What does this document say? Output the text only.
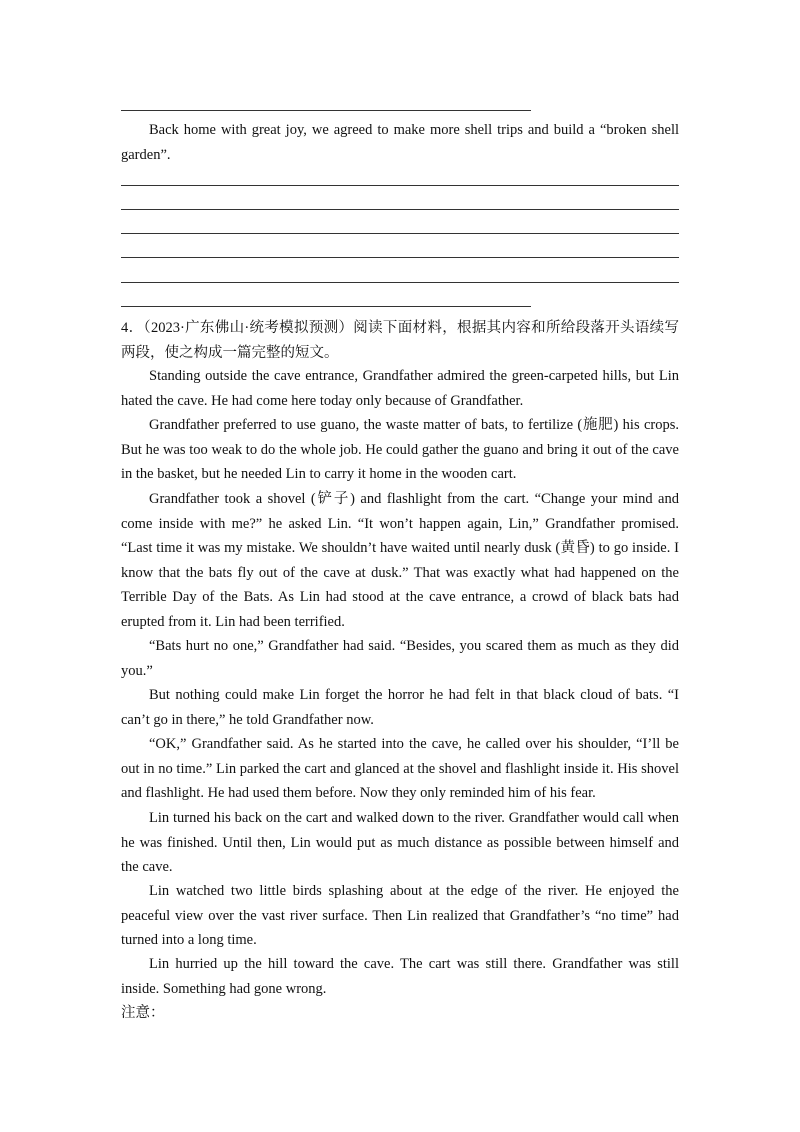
Back home with great joy, we agreed to make more shell trips and build a “broken shell garden”.

4．（2023·广东佛山·统考模拟预测）阅读下面材料，根据其内容和所给段落开头语续写两段，使之构成一篇完整的短文。

Standing outside the cave entrance, Grandfather admired the green-carpeted hills, but Lin hated the cave. He had come here today only because of Grandfather.

Grandfather preferred to use guano, the waste matter of bats, to fertilize (施肥) his crops. But he was too weak to do the whole job. He could gather the guano and bring it out of the cave in the basket, but he needed Lin to carry it home in the wooden cart.

Grandfather took a shovel (铲子) and flashlight from the cart. “Change your mind and come inside with me?” he asked Lin. “It won’t happen again, Lin,” Grandfather promised. “Last time it was my mistake. We shouldn’t have waited until nearly dusk (黄昏) to go inside. I know that the bats fly out of the cave at dusk.” That was exactly what had happened on the Terrible Day of the Bats. As Lin had stood at the cave entrance, a crowd of black bats had erupted from it. Lin had been terrified.

“Bats hurt no one,” Grandfather had said. “Besides, you scared them as much as they did you.”

But nothing could make Lin forget the horror he had felt in that black cloud of bats. “I can’t go in there,” he told Grandfather now.

“OK,” Grandfather said. As he started into the cave, he called over his shoulder, “I’ll be out in no time.” Lin parked the cart and glanced at the shovel and flashlight inside it. His shovel and flashlight. He had used them before. Now they only reminded him of his fear.

Lin turned his back on the cart and walked down to the river. Grandfather would call when he was finished. Until then, Lin would put as much distance as possible between himself and the cave.

Lin watched two little birds splashing about at the edge of the river. He enjoyed the peaceful view over the vast river surface. Then Lin realized that Grandfather’s “no time” had turned into a long time.

Lin hurried up the hill toward the cave. The cart was still there. Grandfather was still inside. Something had gone wrong.

注意：
